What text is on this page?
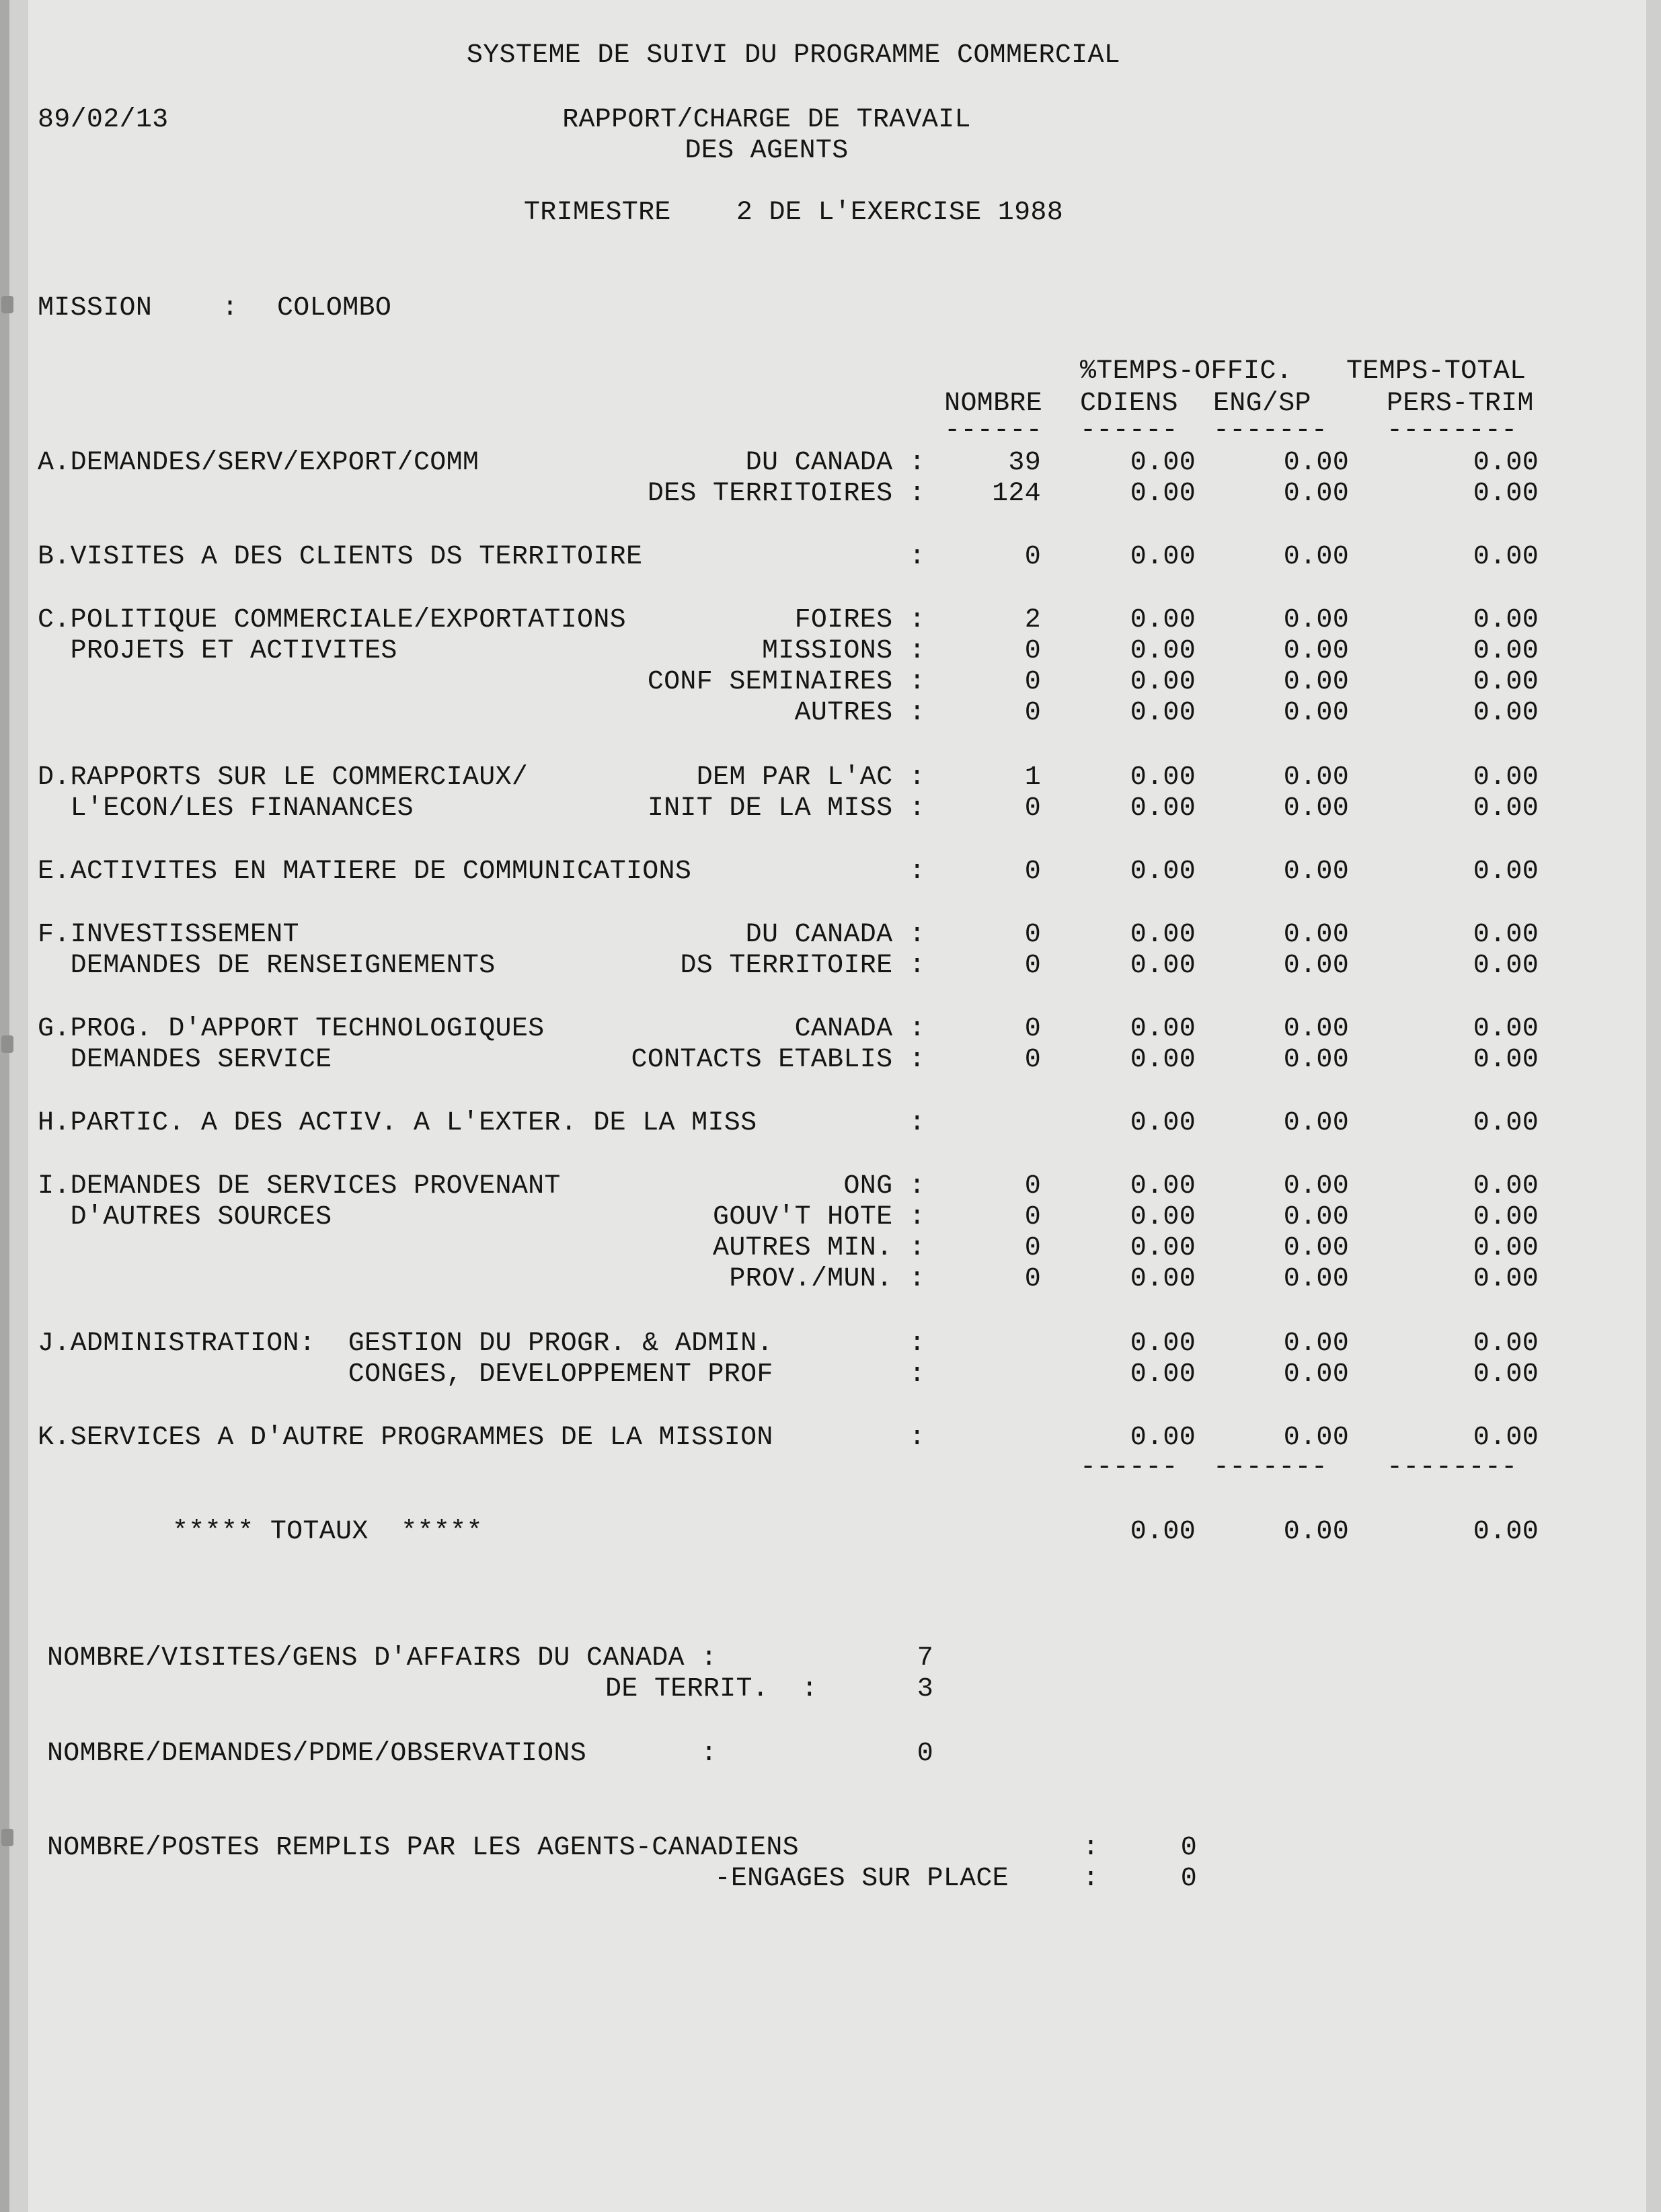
SYSTEME DE SUIVI DU PROGRAMME COMMERCIAL
89/02/13	RAPPORT/CHARGE DE TRAVAIL
DES AGENTS
TRIMESTRE    2 DE L'EXERCISE 1988
MISSION	: COLOMBO
%TEMPS-OFFIC. TEMPS-TOTAL
NOMBRE CDIENS ENG/SP	PERS-TRIM
------ ------ ------- --------
A.DEMANDES/SERV/EXPORT/COMM	DU CANADA :	39	0.00	0.00	0.00
DES TERRITOIRES : 124	0.00	0.00	0.00
B.VISITES A DES CLIENTS DS TERRITOIRE	:	0	0.00	0.00	0.00
C.POLITIQUE COMMERCIALE/EXPORTATIONS	FOIRES :	2	0.00	0.00	0.00
PROJETS ET ACTIVITES	MISSIONS :	0	0.00	0.00	0.00
CONF SEMINAIRES :	0	0.00	0.00	0.00
AUTRES :	0	0.00	0.00	0.00
D.RAPPORTS SUR LE COMMERCIAUX/	DEM PAR L'AC :	1	0.00	0.00	0.00
L'ECON/LES FINANANCES	INIT DE LA MISS :	0	0.00	0.00	0.00
E.ACTIVITES EN MATIERE DE COMMUNICATIONS	:	0	0.00	0.00	0.00
F.INVESTISSEMENT	DU CANADA :	0	0.00	0.00	0.00
DEMANDES DE RENSEIGNEMENTS	DS TERRITOIRE :	0	0.00	0.00	0.00
G.PROG. D'APPORT TECHNOLOGIQUES	CANADA :	0	0.00	0.00	0.00
DEMANDES SERVICE	CONTACTS ETABLIS :	0	0.00	0.00	0.00
H.PARTIC. A DES ACTIV. A L'EXTER. DE LA MISS	:	0.00	0.00	0.00
I.DEMANDES DE SERVICES PROVENANT	ONG :	0	0.00	0.00	0.00
D'AUTRES SOURCES	GOUV'T HOTE :	0	0.00	0.00	0.00
AUTRES MIN. :	0	0.00	0.00	0.00
PROV./MUN. :	0	0.00	0.00	0.00
J.ADMINISTRATION:  GESTION DU PROGR. & ADMIN.	:	0.00	0.00	0.00
CONGES, DEVELOPPEMENT PROF	:	0.00	0.00	0.00
K.SERVICES A D'AUTRE PROGRAMMES DE LA MISSION	:	0.00	0.00	0.00
------ ------- --------
***** TOTAUX  *****	0.00	0.00	0.00
NOMBRE/VISITES/GENS D'AFFAIRS DU CANADA :	7
DE TERRIT.  :	3
NOMBRE/DEMANDES/PDME/OBSERVATIONS       :	0
NOMBRE/POSTES REMPLIS PAR LES AGENTS-CANADIENS	:	0
-ENGAGES SUR PLACE	:	0
